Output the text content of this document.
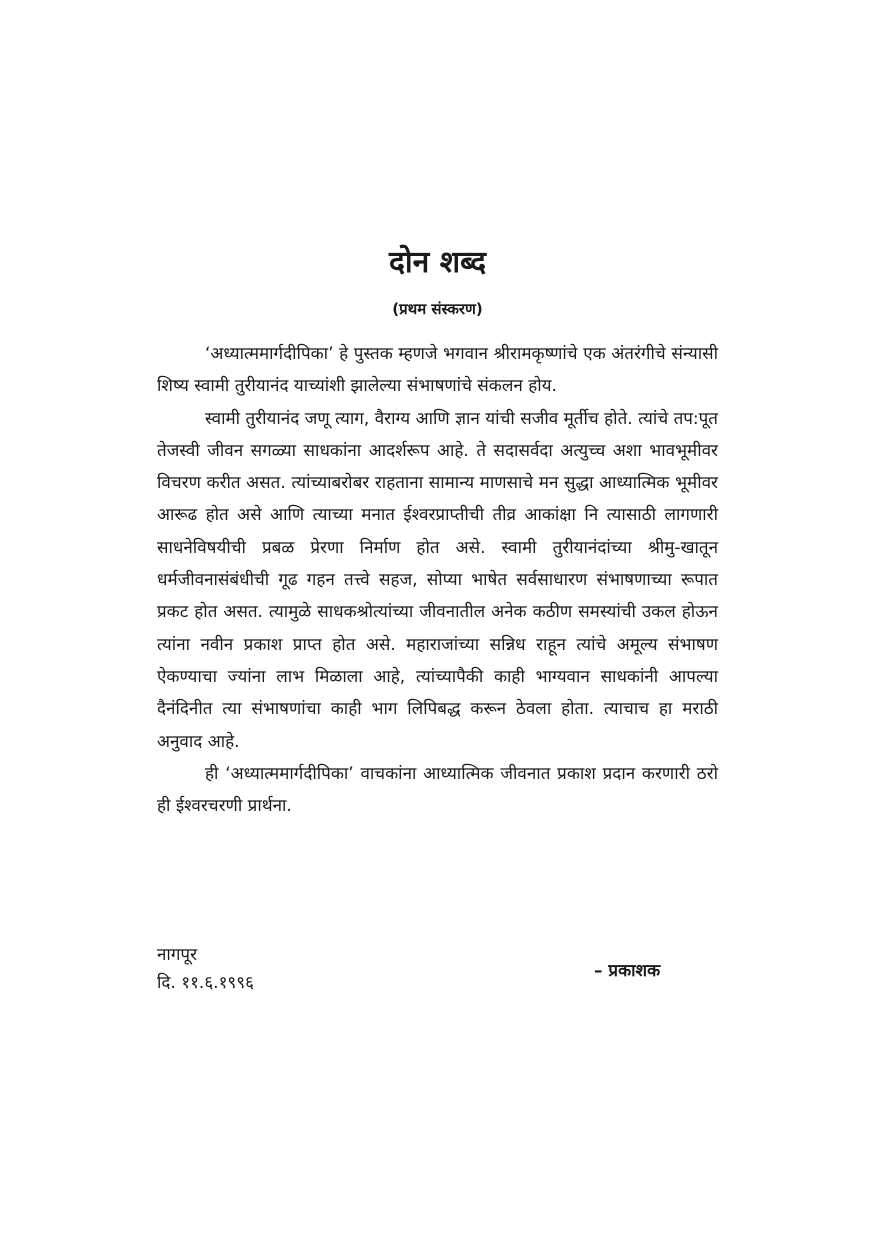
दोन शब्द

(प्रथम संस्करण)

‘अध्यात्ममार्गदीपिका’ हे पुस्तक म्हणजे भगवान श्रीरामकृष्णांचे एक अंतरंगीचे संन्यासी शिष्य स्वामी तुरीयानंद याच्यांशी झालेल्या संभाषणांचे संकलन होय.

स्वामी तुरीयानंद जणू त्याग, वैराग्य आणि ज्ञान यांची सजीव मूर्तीच होते. त्यांचे तप:पूत तेजस्वी जीवन सगळ्या साधकांना आदर्शरूप आहे. ते सदासर्वदा अत्युच्च अशा भावभूमीवर विचरण करीत असत. त्यांच्याबरोबर राहताना सामान्य माणसाचे मन सुद्धा आध्यात्मिक भूमीवर आरूढ होत असे आणि त्याच्या मनात ईश्वरप्राप्तीची तीव्र आकांक्षा नि त्यासाठी लागणारी साधनेविषयीची प्रबळ प्रेरणा निर्माण होत असे. स्वामी तुरीयानंदांच्या श्रीमु-खातून धर्मजीवनासंबंधीची गूढ गहन तत्त्वे सहज, सोप्या भाषेत सर्वसाधारण संभाषणाच्या रूपात प्रकट होत असत. त्यामुळे साधकश्रोत्यांच्या जीवनातील अनेक कठीण समस्यांची उकल होऊन त्यांना नवीन प्रकाश प्राप्त होत असे. महाराजांच्या सन्निध राहून त्यांचे अमूल्य संभाषण ऐकण्याचा ज्यांना लाभ मिळाला आहे, त्यांच्यापैकी काही भाग्यवान साधकांनी आपल्या दैनंदिनीत त्या संभाषणांचा काही भाग लिपिबद्ध करून ठेवला होता. त्याचाच हा मराठी अनुवाद आहे.

ही ‘अध्यात्ममार्गदीपिका’ वाचकांना आध्यात्मिक जीवनात प्रकाश प्रदान करणारी ठरो ही ईश्वरचरणी प्रार्थना.

नागपूर

दि. ११.६.१९९६

– प्रकाशक
